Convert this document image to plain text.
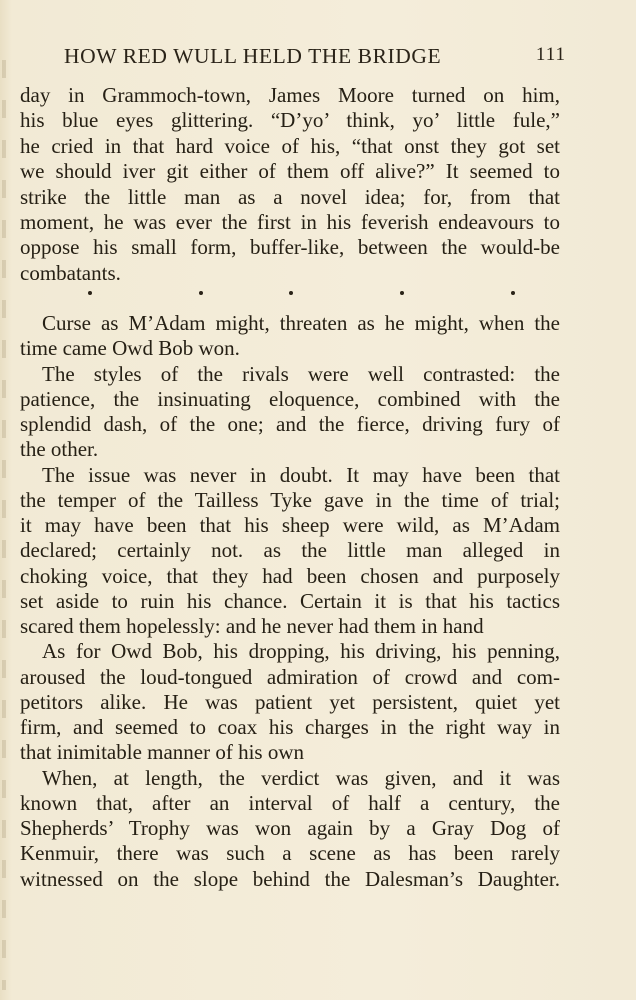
HOW RED WULL HELD THE BRIDGE	111
day in Grammoch-town, James Moore turned on him,
his blue eyes glittering. “D’yo’ think, yo’ little fule,”
he cried in that hard voice of his, “that onst they got set
we should iver git either of them off alive?” It seemed to
strike the little man as a novel idea; for, from that
moment, he was ever the first in his feverish endeavours to
oppose his small form, buffer-like, between the would-be
combatants.
Curse as M’Adam might, threaten as he might, when the
time came Owd Bob won.
The styles of the rivals were well contrasted: the
patience, the insinuating eloquence, combined with the
splendid dash, of the one; and the fierce, driving fury of
the other.
The issue was never in doubt. It may have been that
the temper of the Tailless Tyke gave in the time of trial;
it may have been that his sheep were wild, as M’Adam
declared; certainly not. as the little man alleged in
choking voice, that they had been chosen and purposely
set aside to ruin his chance. Certain it is that his tactics
scared them hopelessly: and he never had them in hand
As for Owd Bob, his dropping, his driving, his penning,
aroused the loud-tongued admiration of crowd and com-
petitors alike. He was patient yet persistent, quiet yet
firm, and seemed to coax his charges in the right way in
that inimitable manner of his own
When, at length, the verdict was given, and it was
known that, after an interval of half a century, the
Shepherds’ Trophy was won again by a Gray Dog of
Kenmuir, there was such a scene as has been rarely
witnessed on the slope behind the Dalesman’s Daughter.
